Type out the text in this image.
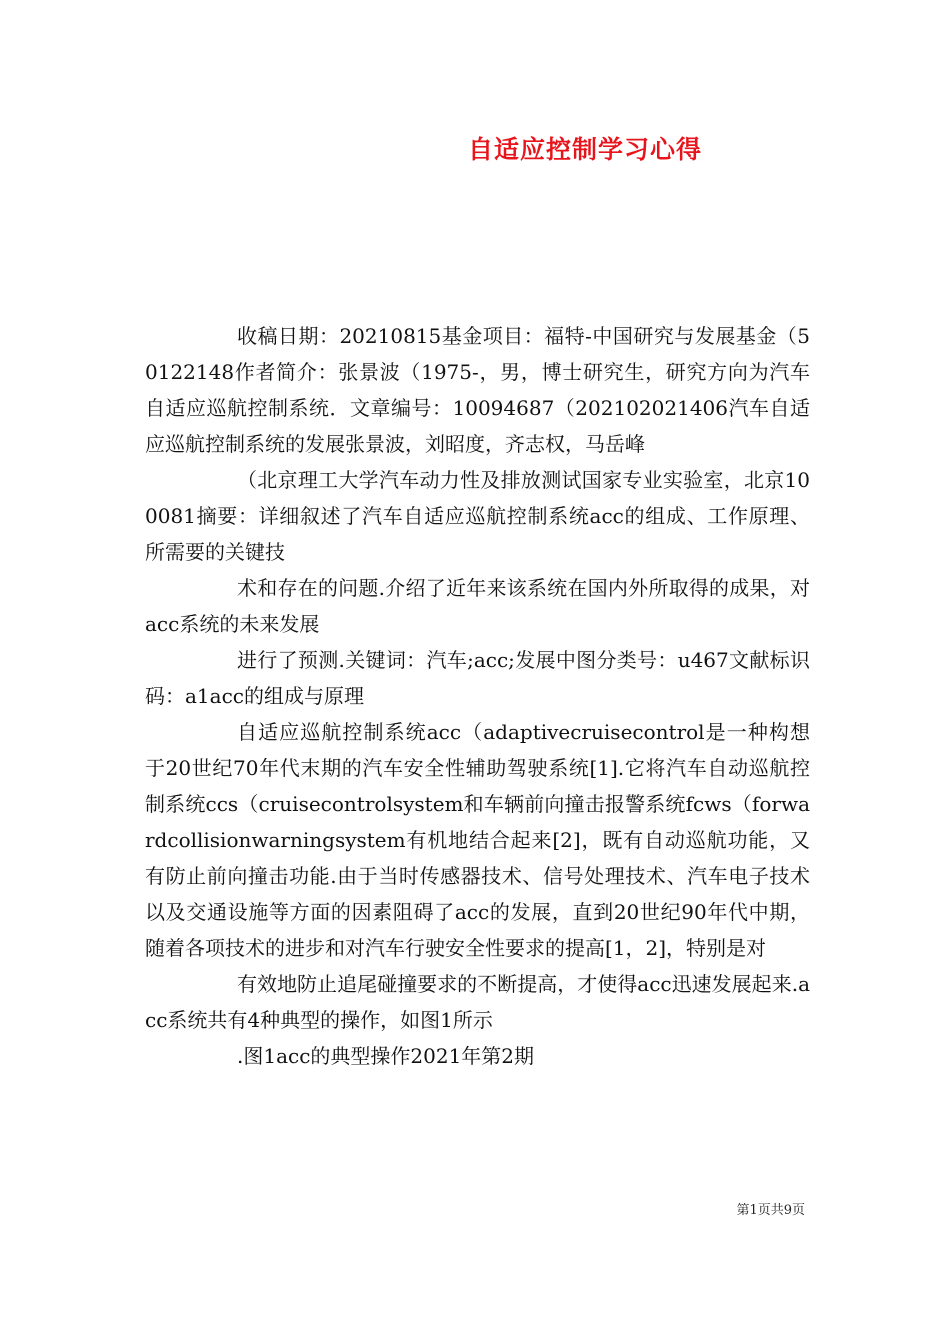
自适应控制学习心得

收稿日期：20210815基金项目：福特-中国研究与发展基金（50122148作者简介：张景波（1975-，男，博士研究生，研究方向为汽车自适应巡航控制系统．文章编号：10094687（202102021406汽车自适应巡航控制系统的发展张景波，刘昭度，齐志权，马岳峰

（北京理工大学汽车动力性及排放测试国家专业实验室，北京100081摘要：详细叙述了汽车自适应巡航控制系统acc的组成、工作原理、所需要的关键技

术和存在的问题.介绍了近年来该系统在国内外所取得的成果，对acc系统的未来发展

进行了预测.关键词：汽车;acc;发展中图分类号：u467文献标识码：a1acc的组成与原理

自适应巡航控制系统acc（adaptivecruisecontrol是一种构想于20世纪70年代末期的汽车安全性辅助驾驶系统[1].它将汽车自动巡航控制系统ccs（cruisecontrolsystem和车辆前向撞击报警系统fcws（forwardcollisionwarningsystem有机地结合起来[2]，既有自动巡航功能，又有防止前向撞击功能.由于当时传感器技术、信号处理技术、汽车电子技术以及交通设施等方面的因素阻碍了acc的发展，直到20世纪90年代中期，随着各项技术的进步和对汽车行驶安全性要求的提高[1，2]，特别是对

有效地防止追尾碰撞要求的不断提高，才使得acc迅速发展起来.acc系统共有4种典型的操作，如图1所示

.图1acc的典型操作2021年第2期

第1页共9页
